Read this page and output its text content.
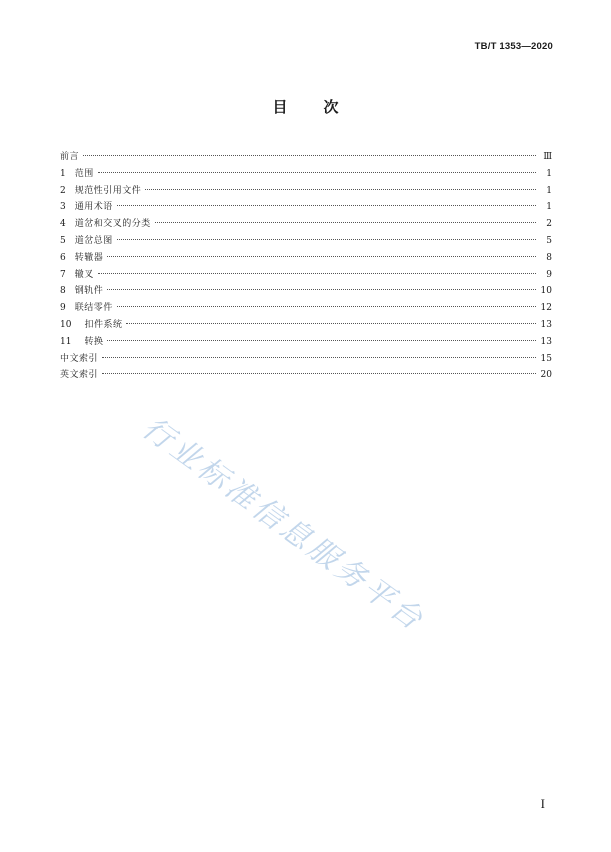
TB/T 1353—2020
目次
前言	Ⅲ
1 范围	1
2 规范性引用文件	1
3 通用术语	1
4 道岔和交叉的分类	2
5 道岔总图	5
6 转辙器	8
7 辙叉	9
8 钢轨件	10
9 联结零件	12
10 扣件系统	13
11 转换	13
中文索引	15
英文索引	20
行业标准信息服务平台
I
